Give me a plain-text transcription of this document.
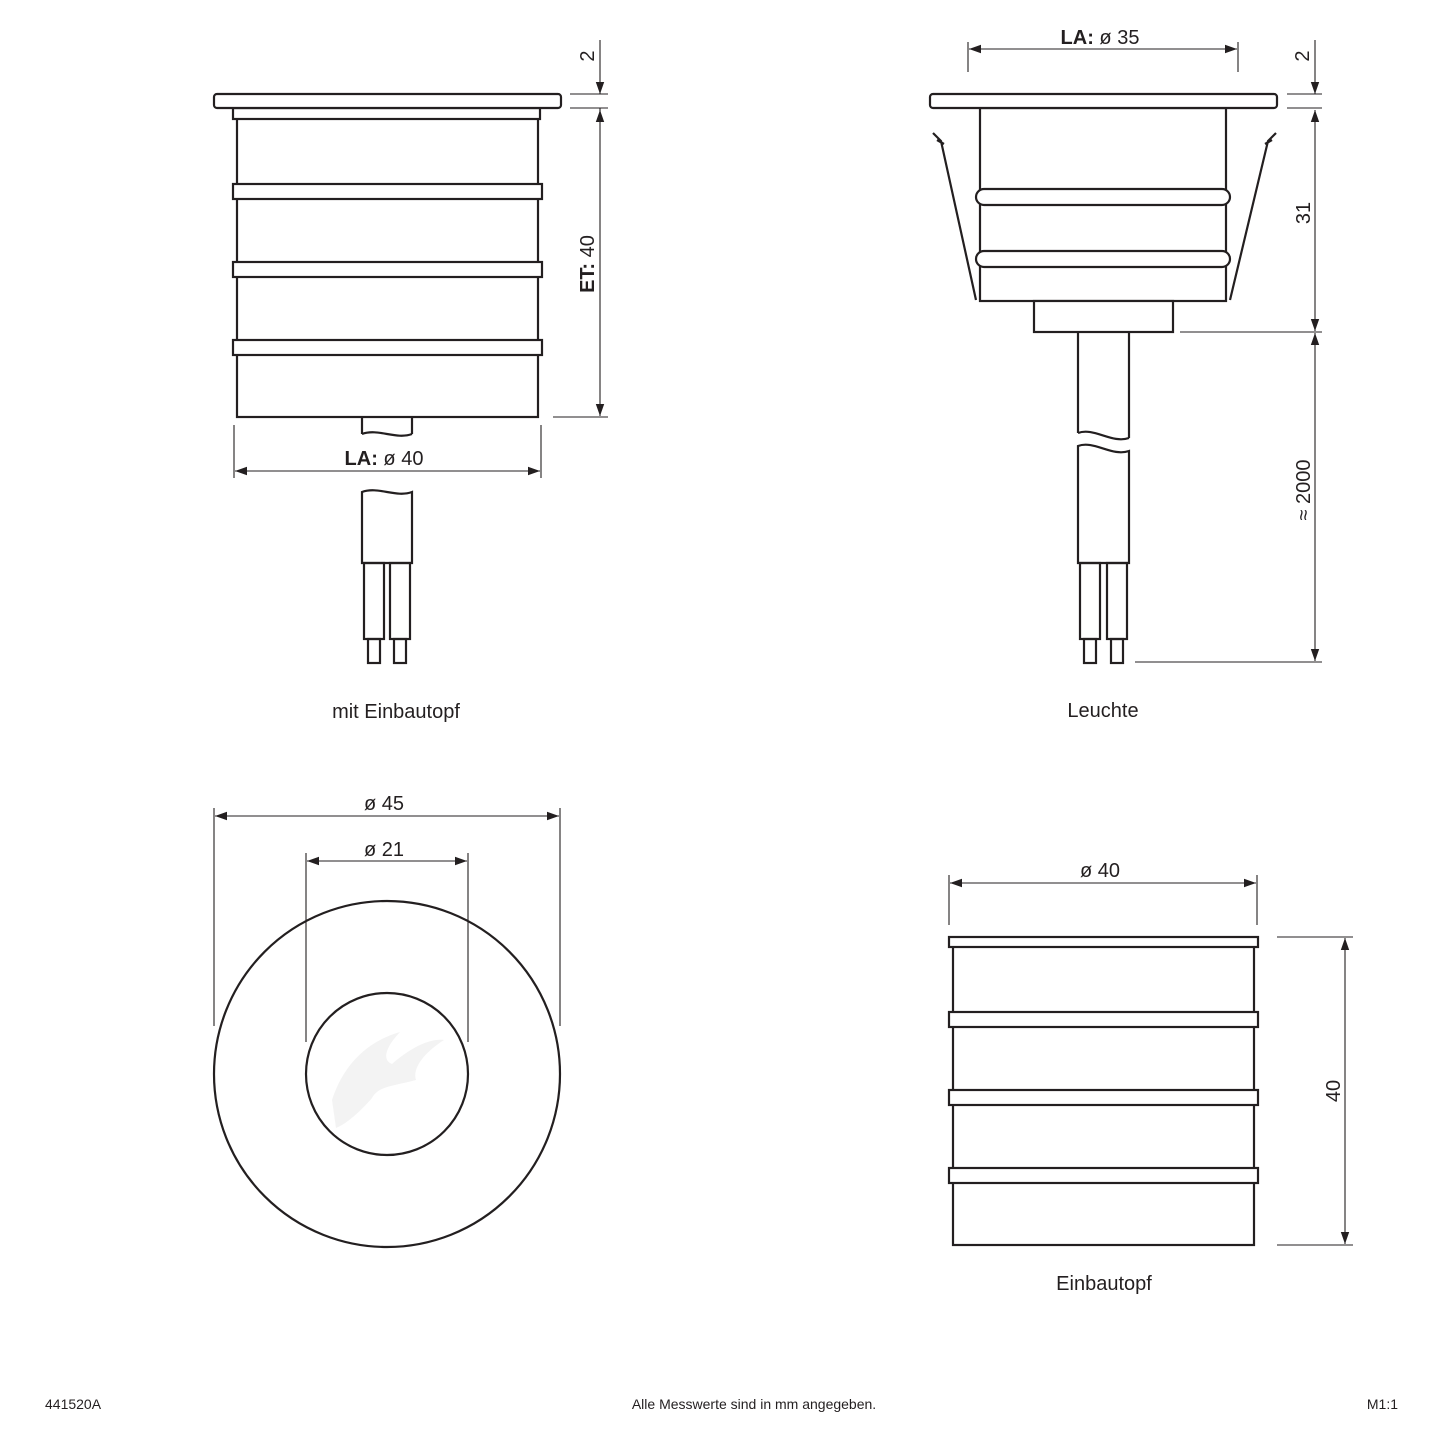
2
ET: 40
LA: ø 40
mit Einbautopf
LA: ø 35
2
31
≈ 2000
Leuchte
ø 45
ø 21
ø 40
40
Einbautopf
441520A	Alle Messwerte sind in mm angegeben.	M1:1
